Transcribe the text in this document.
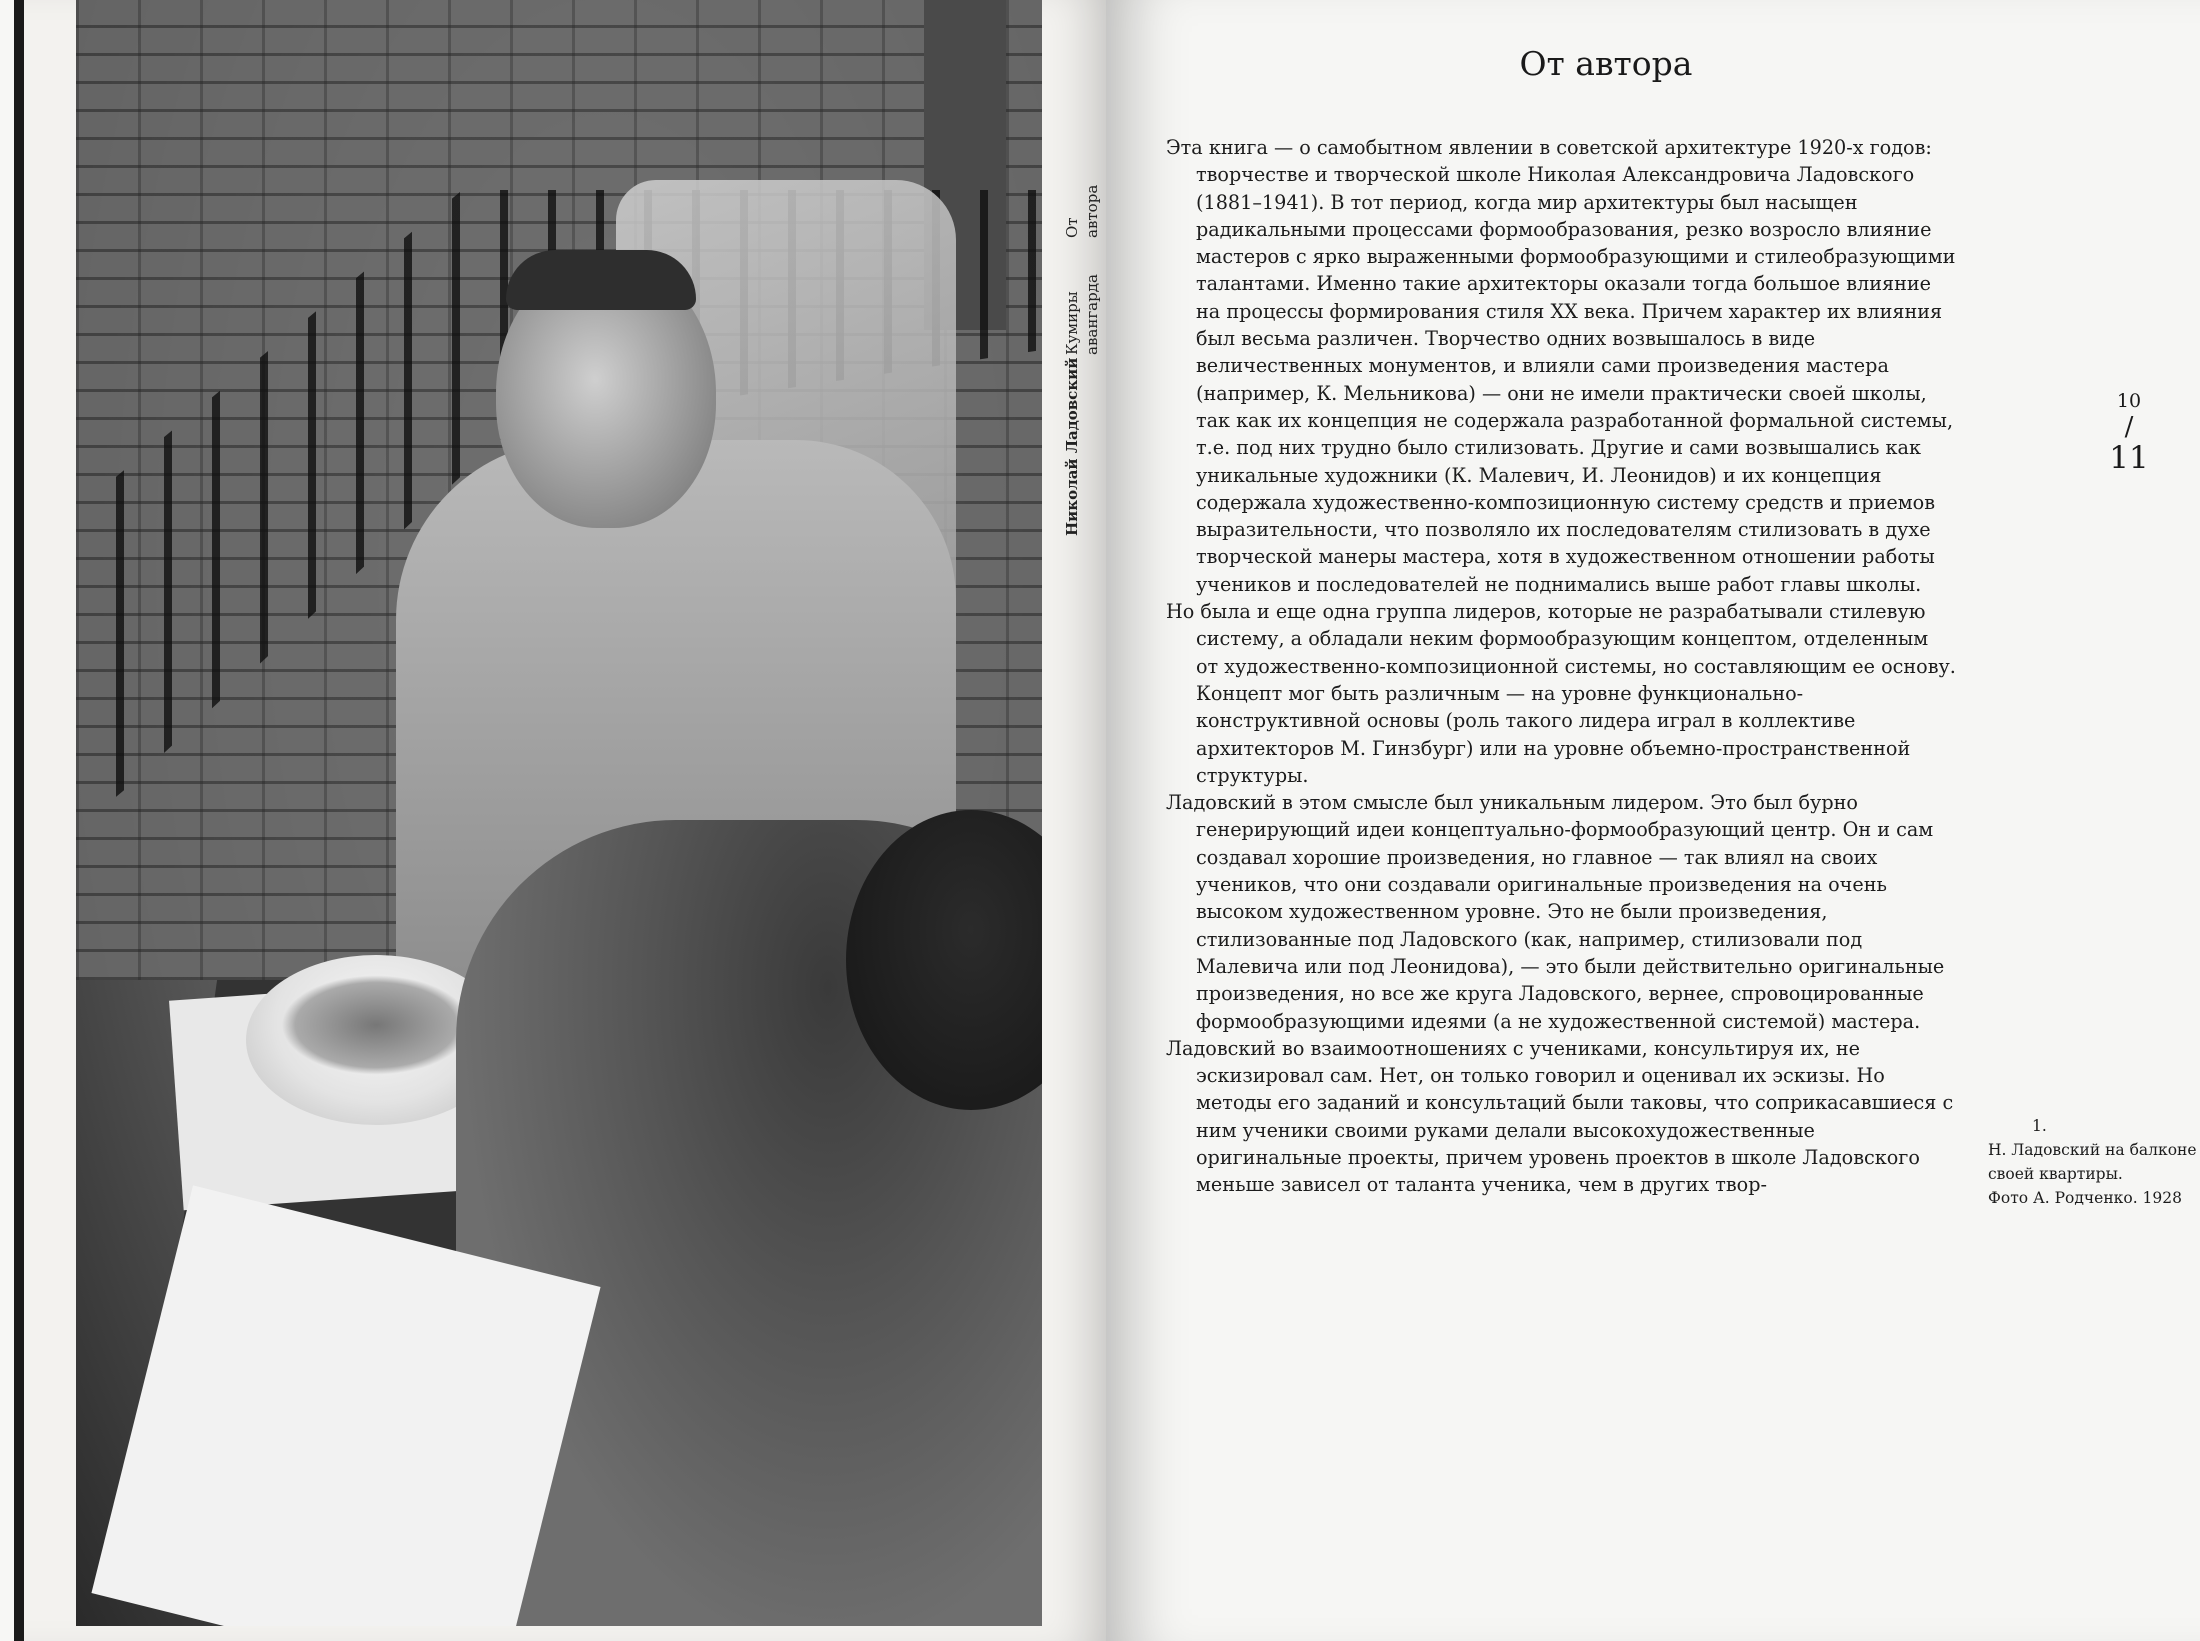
Кумиры авангарда
От автора
Николай Ладовский
От автора

Эта книга — о самобытном явлении в советской архитектуре 1920-х годов: творчестве и творческой школе Николая Александровича Ладовского (1881–1941). В тот период, когда мир архитектуры был насыщен радикальными процессами формообразования, резко возросло влияние мастеров с ярко выраженными формообразующими и стилеобразующими талантами. Именно такие архитекторы оказали тогда большое влияние на процессы формирования стиля XX века. Причем характер их влияния был весьма различен. Творчество одних возвышалось в виде величественных монументов, и влияли сами произведения мастера (например, К. Мельникова) — они не имели практически своей школы, так как их концепция не содержала разработанной формальной системы, т.е. под них трудно было стилизовать. Другие и сами возвышались как уникальные художники (К. Малевич, И. Леонидов) и их концепция содержала художественно-композиционную систему средств и приемов выразительности, что позволяло их последователям стилизовать в духе творческой манеры мастера, хотя в художественном отношении работы учеников и последователей не поднимались выше работ главы школы.

Но была и еще одна группа лидеров, которые не разрабатывали стилевую систему, а обладали неким формообразующим концептом, отделенным от художественно-композиционной системы, но составляющим ее основу. Концепт мог быть различным — на уровне функционально-конструктивной основы (роль такого лидера играл в коллективе архитекторов М. Гинзбург) или на уровне объемно-пространственной структуры.

Ладовский в этом смысле был уникальным лидером. Это был бурно генерирующий идеи концептуально-формообразующий центр. Он и сам создавал хорошие произведения, но главное — так влиял на своих учеников, что они создавали оригинальные произведения на очень высоком художественном уровне. Это не были произведения, стилизованные под Ладовского (как, например, стилизовали под Малевича или под Леонидова), — это были действительно оригинальные произведения, но все же круга Ладовского, вернее, спровоцированные формообразующими идеями (а не художественной системой) мастера.

Ладовский во взаимоотношениях с учениками, консультируя их, не эскизировал сам. Нет, он только говорил и оценивал их эскизы. Но методы его заданий и консультаций были таковы, что соприкасавшиеся с ним ученики своими руками делали высокохудожественные оригинальные проекты, причем уровень проектов в школе Ладовского меньше зависел от таланта ученика, чем в других твор-

10
/
11
1.
Н. Ладовский на балконе
своей квартиры.
Фото А. Родченко. 1928
